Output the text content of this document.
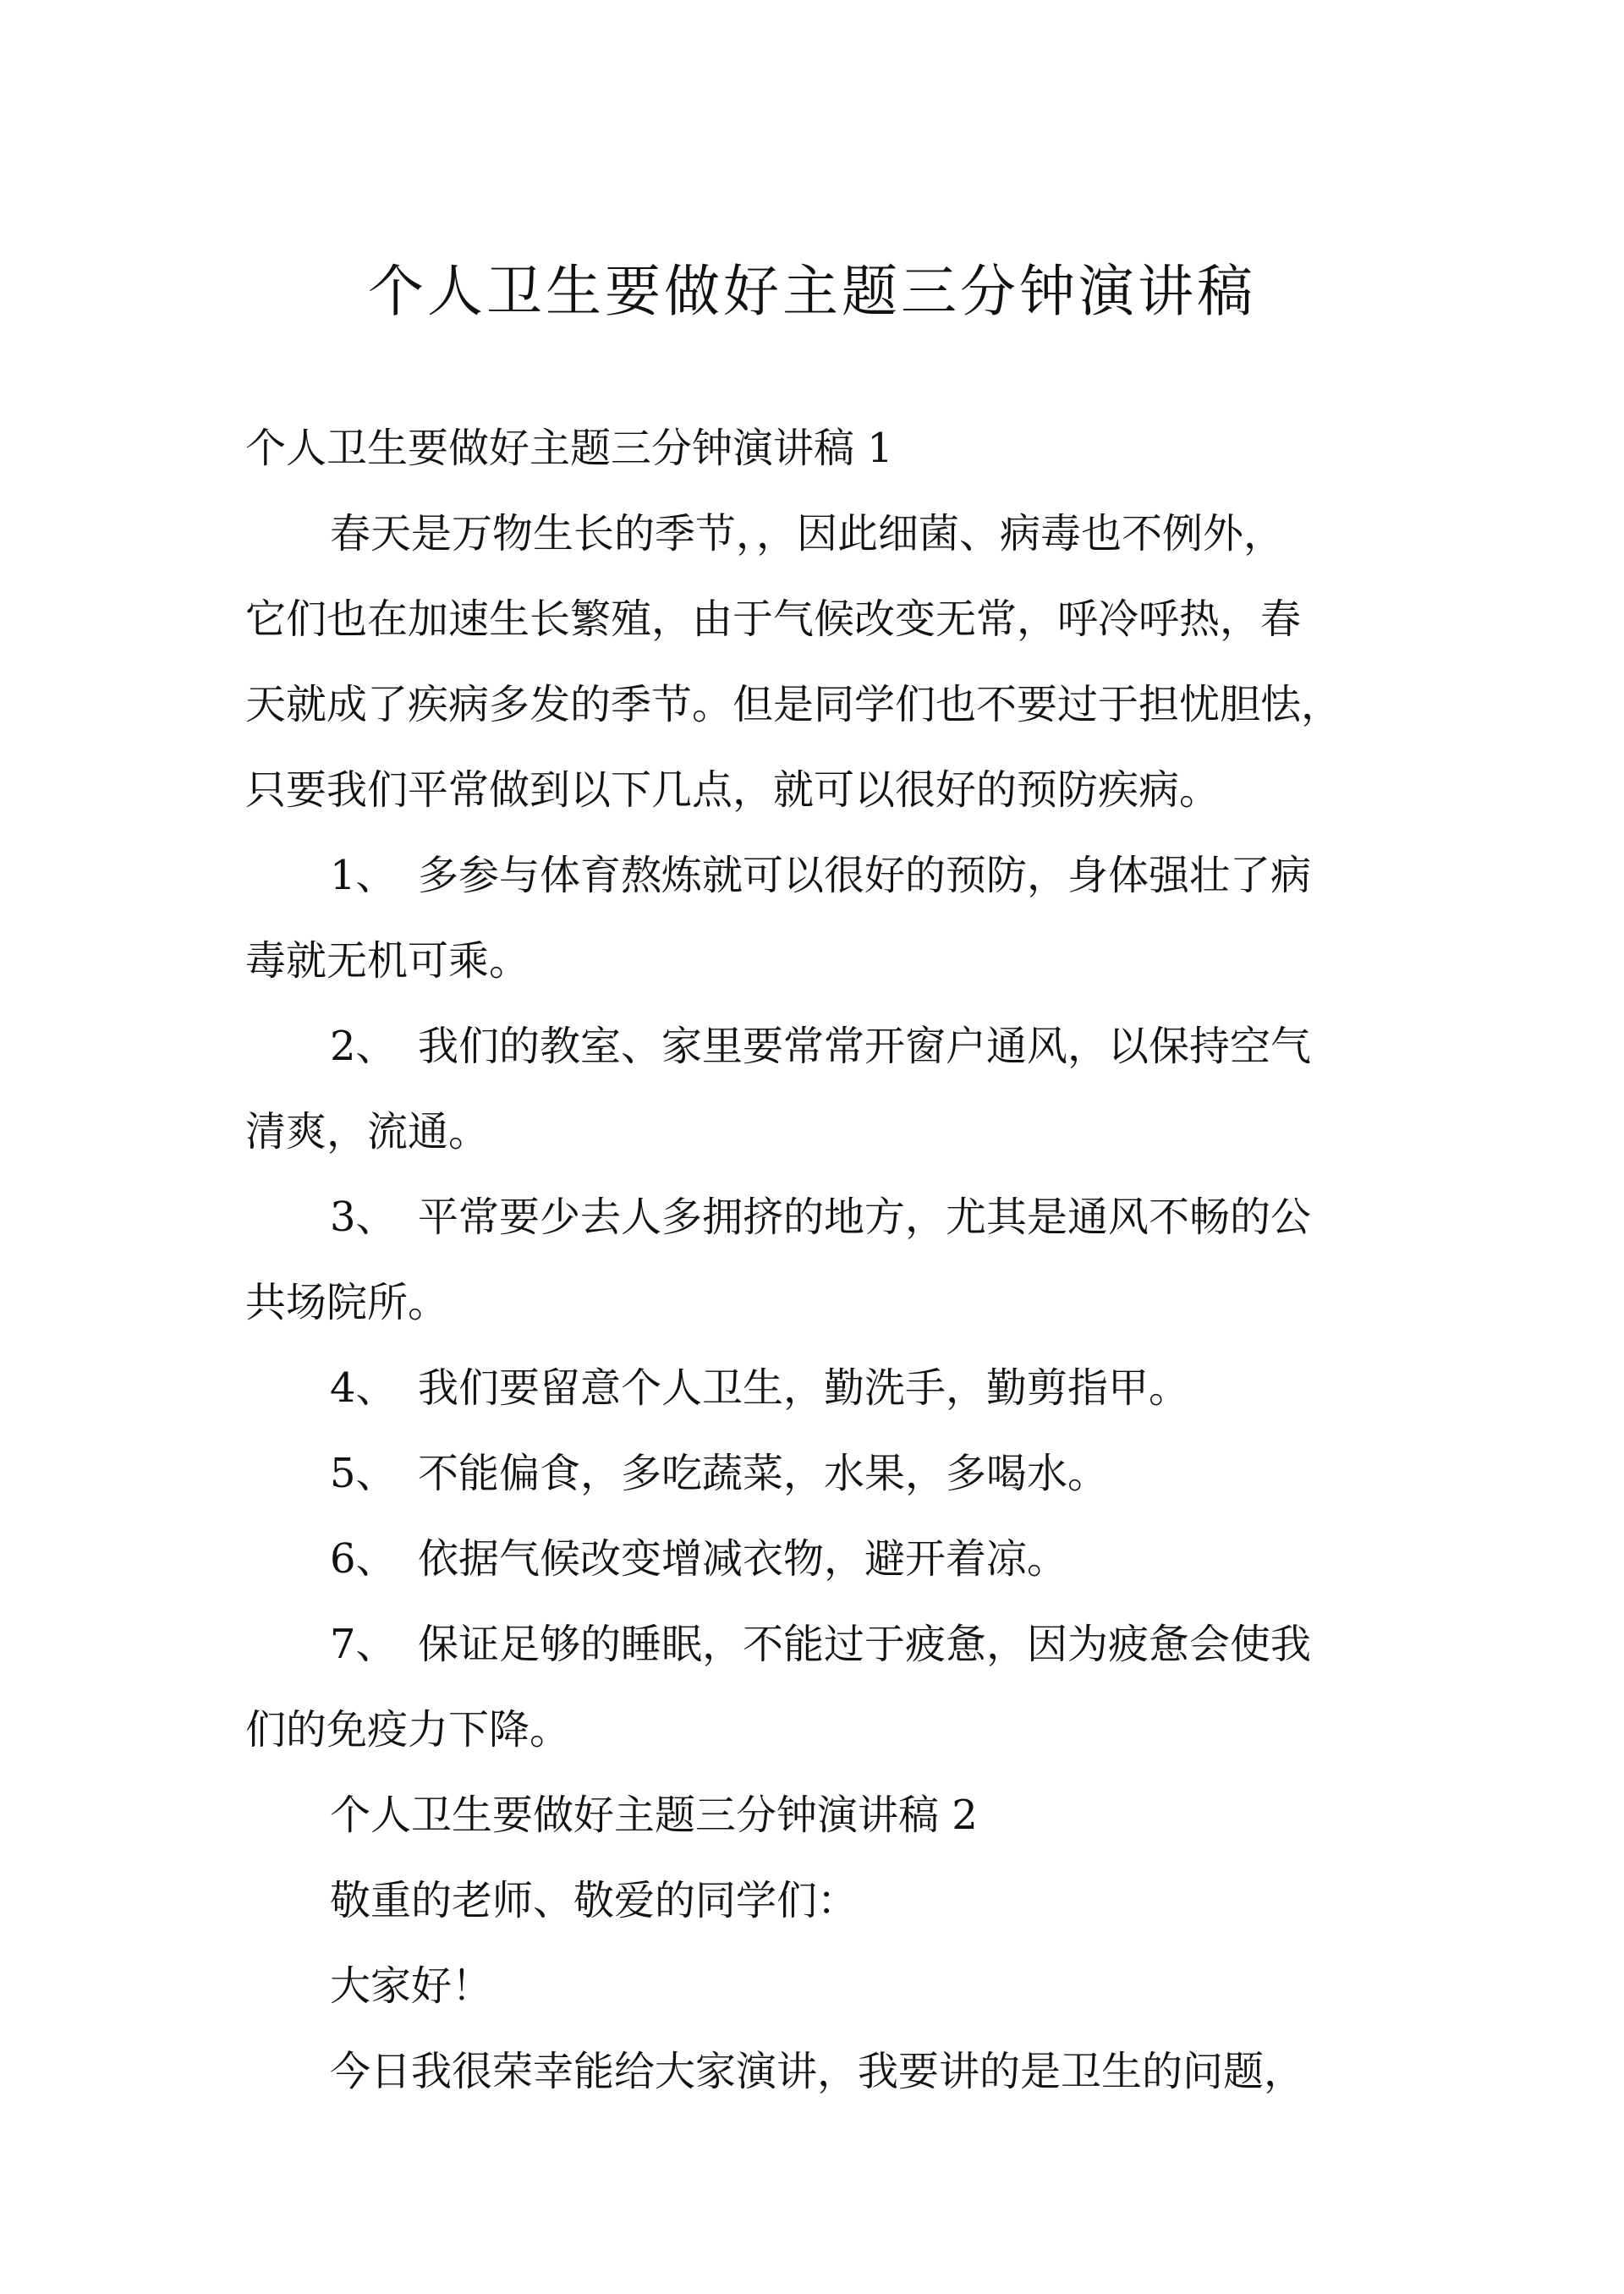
个人卫生要做好主题三分钟演讲稿

个人卫生要做好主题三分钟演讲稿 1

春天是万物生长的季节，，因此细菌、病毒也不例外，

它们也在加速生长繁殖，由于气候改变无常，呼冷呼热，春

天就成了疾病多发的季节。但是同学们也不要过于担忧胆怯，

只要我们平常做到以下几点，就可以很好的预防疾病。

1、 多参与体育熬炼就可以很好的预防，身体强壮了病

毒就无机可乘。

2、 我们的教室、家里要常常开窗户通风，以保持空气

清爽，流通。

3、 平常要少去人多拥挤的地方，尤其是通风不畅的公

共场院所。

4、 我们要留意个人卫生，勤洗手，勤剪指甲。

5、 不能偏食，多吃蔬菜，水果，多喝水。

6、 依据气候改变增减衣物，避开着凉。

7、 保证足够的睡眠，不能过于疲惫，因为疲惫会使我

们的免疫力下降。

个人卫生要做好主题三分钟演讲稿 2

敬重的老师、敬爱的同学们：

大家好！

今日我很荣幸能给大家演讲，我要讲的是卫生的问题，
